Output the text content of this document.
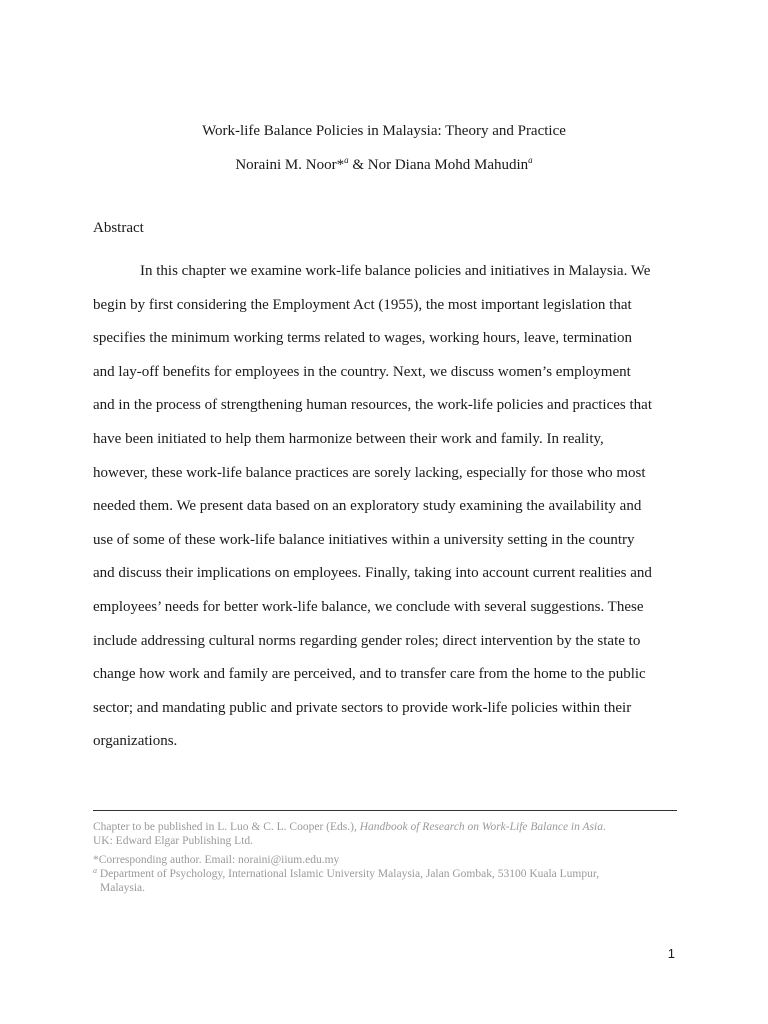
Work-life Balance Policies in Malaysia: Theory and Practice
Noraini M. Noor*$^a$ & Nor Diana Mohd Mahudin$^a$
Abstract
In this chapter we examine work-life balance policies and initiatives in Malaysia. We
begin by first considering the Employment Act (1955), the most important legislation that
specifies the minimum working terms related to wages, working hours, leave, termination
and lay-off benefits for employees in the country. Next, we discuss women’s employment
and in the process of strengthening human resources, the work-life policies and practices that
have been initiated to help them harmonize between their work and family. In reality,
however, these work-life balance practices are sorely lacking, especially for those who most
needed them. We present data based on an exploratory study examining the availability and
use of some of these work-life balance initiatives within a university setting in the country
and discuss their implications on employees. Finally, taking into account current realities and
employees’ needs for better work-life balance, we conclude with several suggestions. These
include addressing cultural norms regarding gender roles; direct intervention by the state to
change how work and family are perceived, and to transfer care from the home to the public
sector; and mandating public and private sectors to provide work-life policies within their
organizations.
Chapter to be published in L. Luo & C. L. Cooper (Eds.), Handbook of Research on Work-Life Balance in Asia.
UK: Edward Elgar Publishing Ltd.
*Corresponding author. Email: noraini@iium.edu.my
$^a$ Department of Psychology, International Islamic University Malaysia, Jalan Gombak, 53100 Kuala Lumpur,
Malaysia.
1
